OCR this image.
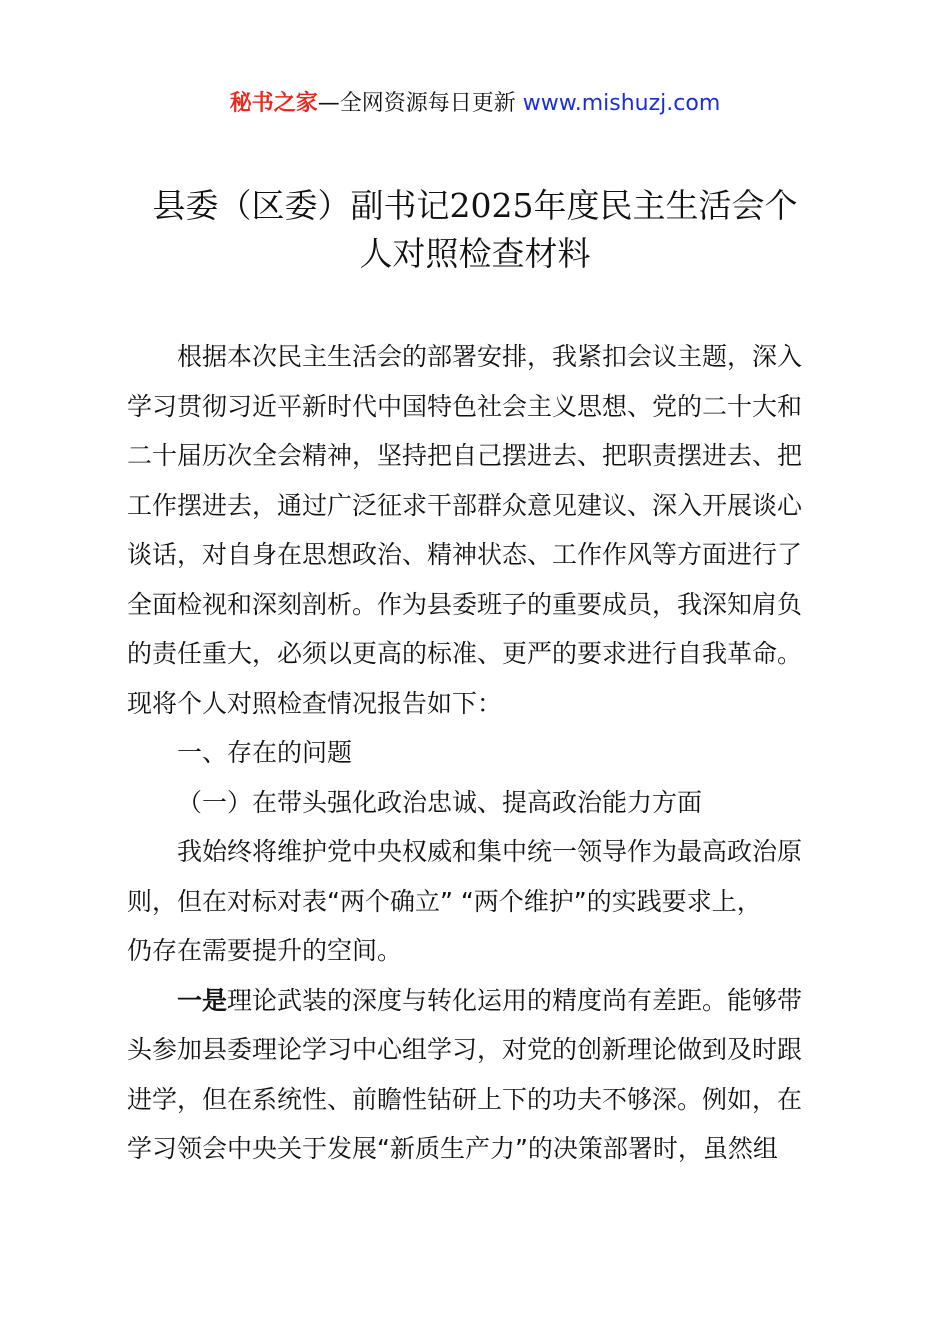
秘书之家—全网资源每日更新 www.mishuzj.com
县委（区委）副书记2025年度民主生活会个
人对照检查材料
根据本次民主生活会的部署安排，我紧扣会议主题，深入
学习贯彻习近平新时代中国特色社会主义思想、党的二十大和
二十届历次全会精神，坚持把自己摆进去、把职责摆进去、把
工作摆进去，通过广泛征求干部群众意见建议、深入开展谈心
谈话，对自身在思想政治、精神状态、工作作风等方面进行了
全面检视和深刻剖析。作为县委班子的重要成员，我深知肩负
的责任重大，必须以更高的标准、更严的要求进行自我革命。
现将个人对照检查情况报告如下：
一、存在的问题
（一）在带头强化政治忠诚、提高政治能力方面
我始终将维护党中央权威和集中统一领导作为最高政治原
则，但在对标对表“两个确立” “两个维护”的实践要求上，
仍存在需要提升的空间。
一是理论武装的深度与转化运用的精度尚有差距。能够带
头参加县委理论学习中心组学习，对党的创新理论做到及时跟
进学，但在系统性、前瞻性钻研上下的功夫不够深。例如，在
学习领会中央关于发展“新质生产力”的决策部署时，虽然组
